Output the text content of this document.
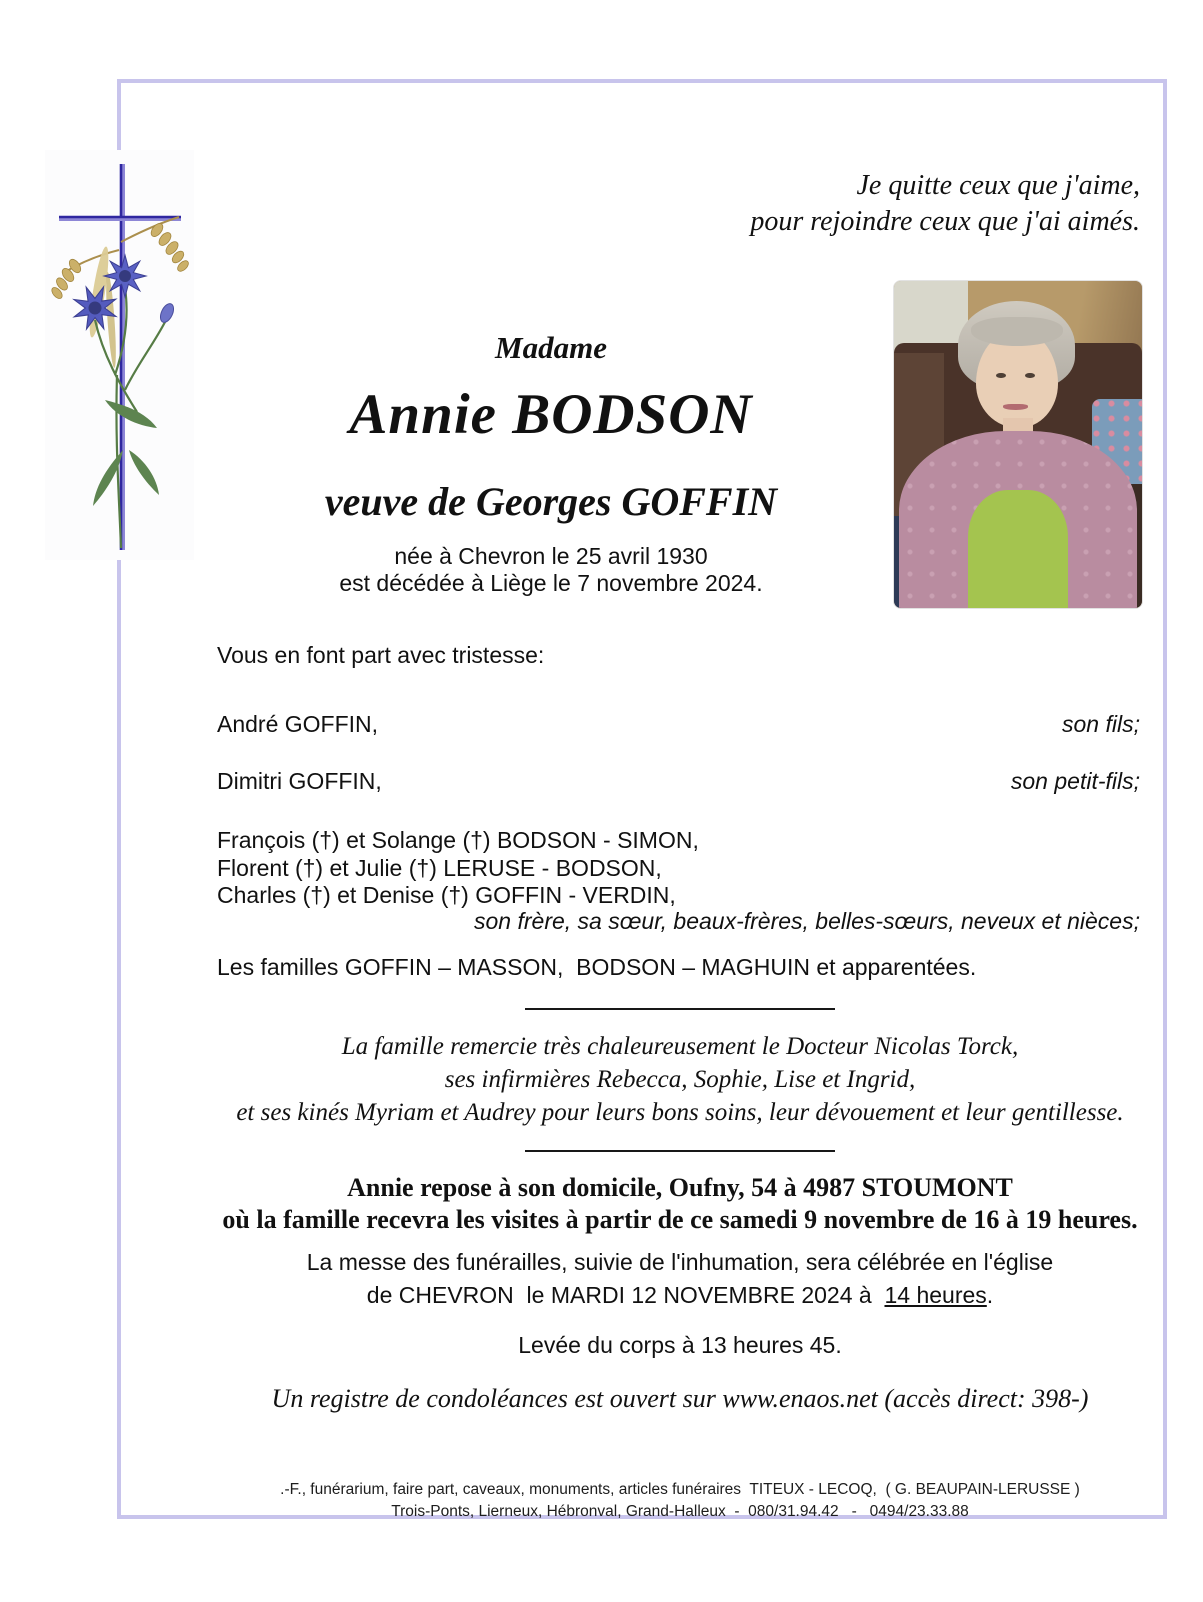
Je quitte ceux que j'aime,
pour rejoindre ceux que j'ai aimés.
Madame
Annie BODSON
veuve de Georges GOFFIN
née à Chevron le 25 avril 1930
est décédée à Liège le 7 novembre 2024.
Vous en font part avec tristesse:
André GOFFIN,	son fils;
Dimitri GOFFIN,	son petit-fils;
François (†) et Solange (†) BODSON - SIMON,
Florent (†) et Julie (†) LERUSE - BODSON,
Charles (†) et Denise (†) GOFFIN - VERDIN,
son frère, sa sœur, beaux-frères, belles-sœurs, neveux et nièces;
Les familles GOFFIN – MASSON,  BODSON – MAGHUIN et apparentées.
La famille remercie très chaleureusement le Docteur Nicolas Torck,
ses infirmières Rebecca, Sophie, Lise et Ingrid,
et ses kinés Myriam et Audrey pour leurs bons soins, leur dévouement et leur gentillesse.
Annie repose à son domicile, Oufny, 54 à 4987 STOUMONT
où la famille recevra les visites à partir de ce samedi 9 novembre de 16 à 19 heures.
La messe des funérailles, suivie de l'inhumation, sera célébrée en l'église
de CHEVRON  le MARDI 12 NOVEMBRE 2024 à  14 heures.
Levée du corps à 13 heures 45.
Un registre de condoléances est ouvert sur www.enaos.net (accès direct: 398-)
.-F., funérarium, faire part, caveaux, monuments, articles funéraires  TITEUX - LECOQ,  ( G. BEAUPAIN-LERUSSE )
Trois-Ponts, Lierneux, Hébronval, Grand-Halleux  -  080/31.94.42   -   0494/23.33.88
